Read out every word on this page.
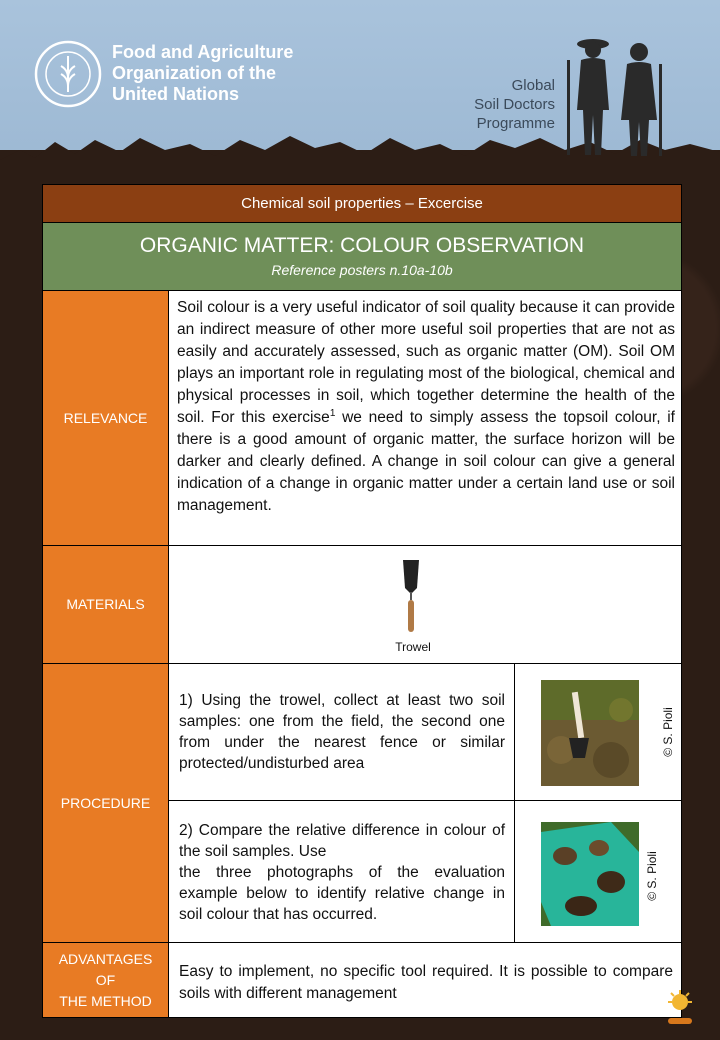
Food and Agriculture
Organization of the
United Nations	Global
Soil Doctors
Programme
Chemical soil properties – Excercise
ORGANIC MATTER: COLOUR OBSERVATION
Reference posters n.10a-10b
RELEVANCE
Soil colour is a very useful indicator of soil quality because it can provide an indirect measure of other more useful soil properties that are not as easily and accurately assessed, such as organic matter (OM). Soil OM plays an important role in regulating most of the biological, chemical and physical processes in soil, which together determine the health of the soil. For this exercise$^1$ we need to simply assess the topsoil colour, if there is a good amount of organic matter, the surface horizon will be darker and clearly defined. A change in soil colour can give a general indication of a change in organic matter under a certain land use or soil management.
MATERIALS
Trowel
PROCEDURE
1) Using the trowel, collect at least two soil samples: one from the field, the second one from under the nearest fence or similar protected/undisturbed area
© S. Pioli
2) Compare the relative difference in colour of the soil samples. Use
the three photographs of the evaluation example below to identify relative change in soil colour that has occurred.
© S. Pioli
ADVANTAGES
OF
THE METHOD
Easy to implement, no specific tool required. It is possible to compare soils with different management
